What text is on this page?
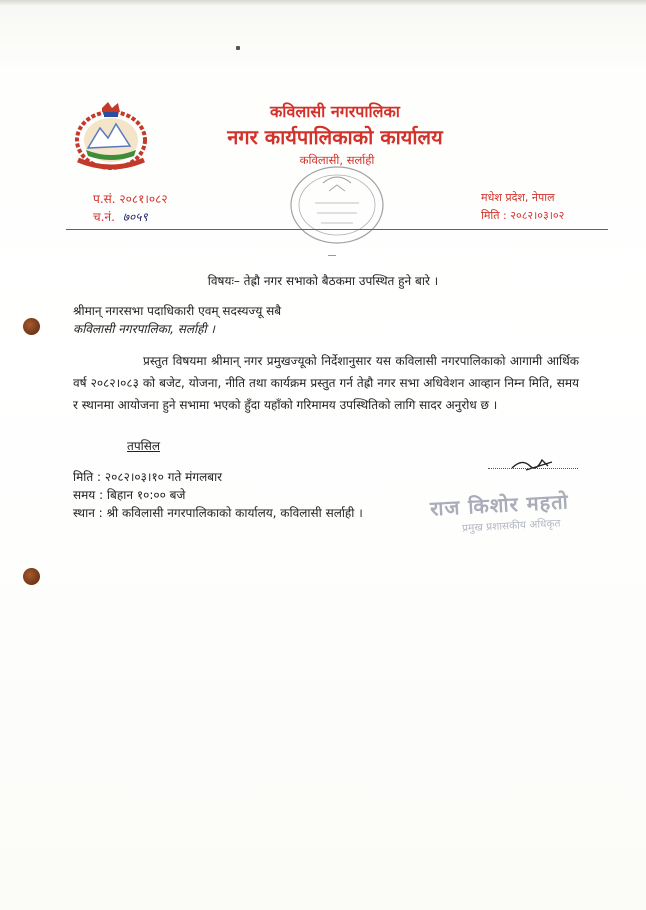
कविलासी नगरपालिका
नगर कार्यपालिकाको कार्यालय
कविलासी, सर्लाही
प.सं. २०८१।०८२
च.नं. ७०५९
मधेश प्रदेश, नेपाल
मिति : २०८२।०३।०२
विषयः– तेह्रौ नगर सभाको बैठकमा उपस्थित हुने बारे ।
श्रीमान् नगरसभा पदाधिकारी एवम् सदस्यज्यू सबै
कविलासी नगरपालिका, सर्लाही ।
प्रस्तुत विषयमा श्रीमान् नगर प्रमुखज्यूको निर्देशानुसार यस कविलासी नगरपालिकाको आगामी आर्थिक वर्ष २०८२।०८३ को बजेट, योजना, नीति तथा कार्यक्रम प्रस्तुत गर्न तेह्रौ नगर सभा अधिवेशन आव्हान निम्न मिति, समय र स्थानमा आयोजना हुने सभामा भएको हुँदा यहाँको गरिमामय उपस्थितिको लागि सादर अनुरोध छ ।
तपसिल
मिति : २०८२।०३।१० गते मंगलबार
समय : बिहान १०:०० बजे
स्थान : श्री कविलासी नगरपालिकाको कार्यालय, कविलासी सर्लाही ।	राज किशोर महतो
प्रमुख प्रशासकीय अधिकृत
